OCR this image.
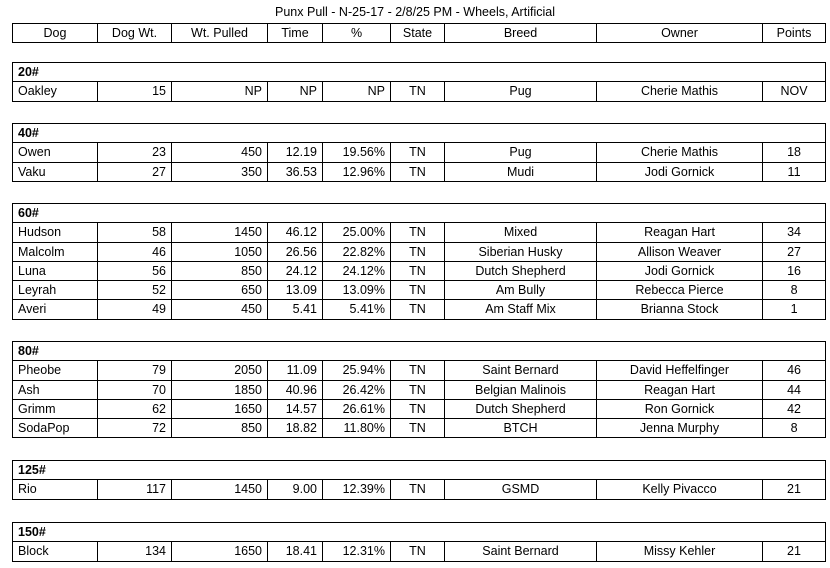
Punx Pull - N-25-17 - 2/8/25 PM - Wheels, Artificial
Dog	Dog Wt.	Wt. Pulled	Time	%	State	Breed	Owner	Points
20#
Oakley	15	NP	NP	NP	TN	Pug	Cherie Mathis	NOV
40#								
Owen	23	450	12.19	19.56%	TN	Pug	Cherie Mathis	18
Vaku	27	350	36.53	12.96%	TN	Mudi	Jodi Gornick	11
60#								
Hudson	58	1450	46.12	25.00%	TN	Mixed	Reagan Hart	34
Malcolm	46	1050	26.56	22.82%	TN	Siberian Husky	Allison Weaver	27
Luna	56	850	24.12	24.12%	TN	Dutch Shepherd	Jodi Gornick	16
Leyrah	52	650	13.09	13.09%	TN	Am Bully	Rebecca Pierce	8
Averi	49	450	5.41	5.41%	TN	Am Staff Mix	Brianna Stock	1
80#								
Pheobe	79	2050	11.09	25.94%	TN	Saint Bernard	David Heffelfinger	46
Ash	70	1850	40.96	26.42%	TN	Belgian Malinois	Reagan Hart	44
Grimm	62	1650	14.57	26.61%	TN	Dutch Shepherd	Ron Gornick	42
SodaPop	72	850	18.82	11.80%	TN	BTCH	Jenna Murphy	8
125#
Rio	117	1450	9.00	12.39%	TN	GSMD	Kelly Pivacco	21
150#
Block	134	1650	18.41	12.31%	TN	Saint Bernard	Missy Kehler	21
